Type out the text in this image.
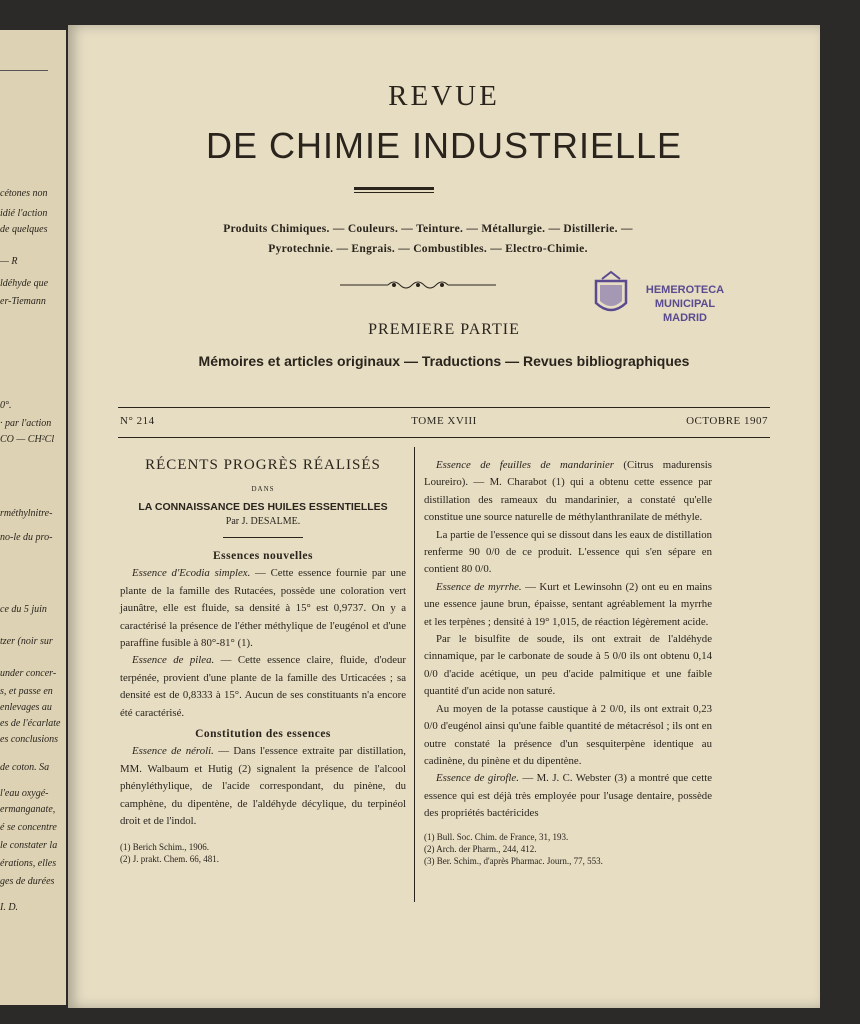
cétones non
idié l'action
de quelques
— R
ldéhyde que
er-Tiemann
0°.
· par l'action
CO — CH²Cl
rméthylnitre-
no-le du pro-
ce du 5 juin
tzer (noir sur
under concer-
s, et passe en
enlevages au
es de l'écarlate
es conclusions
de coton. Sa
l'eau oxygé-
ermanganate,
é se concentre
le constater la
érations, elles
ges de durées
I. D.
REVUE
DE CHIMIE INDUSTRIELLE
Produits Chimiques. — Couleurs. — Teinture. — Métallurgie. — Distillerie. —
Pyrotechnie. — Engrais. — Combustibles. — Electro-Chimie.
HEMEROTECA
MUNICIPAL
MADRID
PREMIERE PARTIE
Mémoires et articles originaux — Traductions — Revues bibliographiques
N° 214	TOME XVIII	OCTOBRE 1907
RÉCENTS PROGRÈS RÉALISÉS
DANS
LA CONNAISSANCE DES HUILES ESSENTIELLES
Par J. DESALME.
Essences nouvelles

Essence d'Ecodia simplex. — Cette essence fournie par une plante de la famille des Rutacées, possède une coloration vert jaunâtre, elle est fluide, sa densité à 15° est 0,9737. On y a caractérisé la présence de l'éther méthylique de l'eugénol et d'une paraffine fusible à 80°-81° (1).

Essence de pilea. — Cette essence claire, fluide, d'odeur terpénée, provient d'une plante de la famille des Urticacées ; sa densité est de 0,8333 à 15°. Aucun de ses constituants n'a encore été caractérisé.

Constitution des essences

Essence de néroli. — Dans l'essence extraite par distillation, MM. Walbaum et Hutig (2) signalent la présence de l'alcool phényléthylique, de l'acide correspondant, du pinène, du camphène, du dipentène, de l'aldéhyde décylique, du terpinéol droit et de l'indol.

(1) Berich Schim., 1906.
(2) J. prakt. Chem. 66, 481.

Essence de feuilles de mandarinier (Citrus madurensis Loureiro). — M. Charabot (1) qui a obtenu cette essence par distillation des rameaux du mandarinier, a constaté qu'elle constitue une source naturelle de méthylanthranilate de méthyle.

La partie de l'essence qui se dissout dans les eaux de distillation renferme 90 0/0 de ce produit. L'essence qui s'en sépare en contient 80 0/0.

Essence de myrrhe. — Kurt et Lewinsohn (2) ont eu en mains une essence jaune brun, épaisse, sentant agréablement la myrrhe et les terpènes ; densité à 19° 1,015, de réaction légèrement acide.

Par le bisulfite de soude, ils ont extrait de l'aldéhyde cinnamique, par le carbonate de soude à 5 0/0 ils ont obtenu 0,14 0/0 d'acide acétique, un peu d'acide palmitique et une faible quantité d'un acide non saturé.

Au moyen de la potasse caustique à 2 0/0, ils ont extrait 0,23 0/0 d'eugénol ainsi qu'une faible quantité de métacrésol ; ils ont en outre constaté la présence d'un sesquiterpène identique au cadinène, du pinène et du dipentène.

Essence de girofle. — M. J. C. Webster (3) a montré que cette essence qui est déjà très employée pour l'usage dentaire, possède des propriétés bactéricides

(1) Bull. Soc. Chim. de France, 31, 193.
(2) Arch. der Pharm., 244, 412.
(3) Ber. Schim., d'après Pharmac. Journ., 77, 553.
